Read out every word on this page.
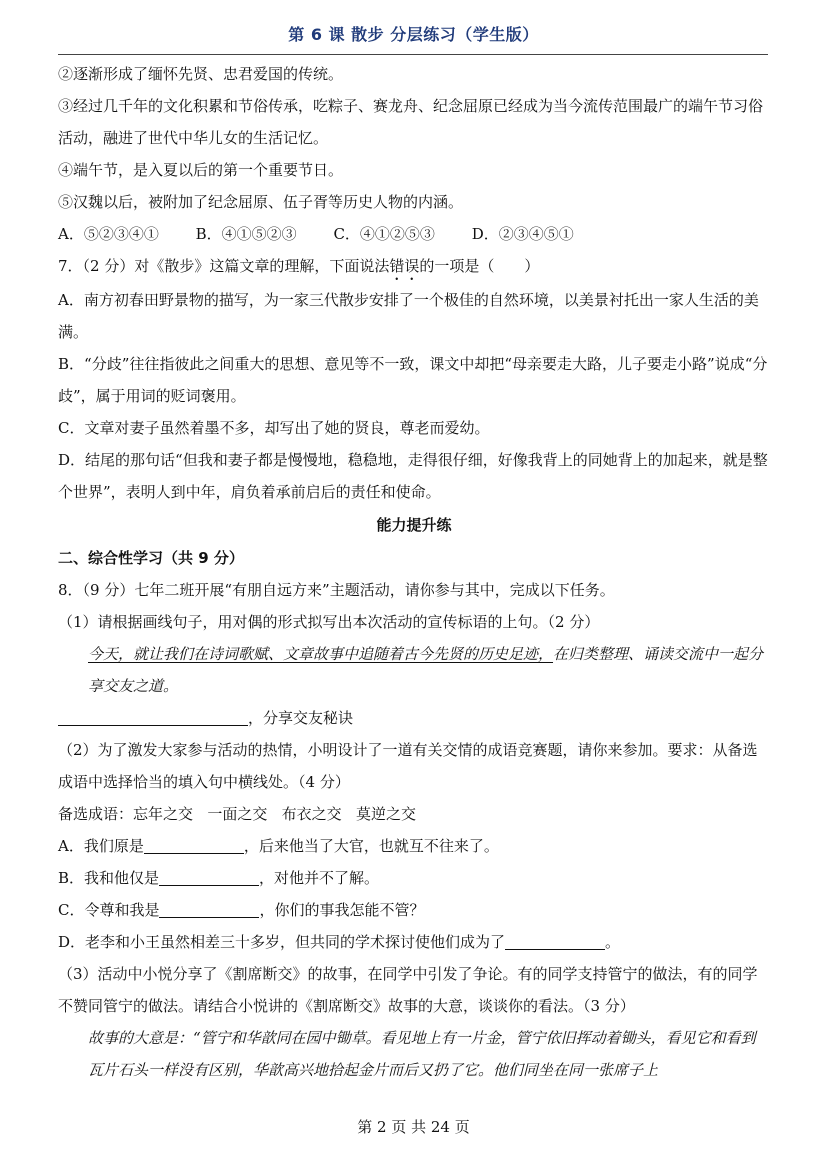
第 6 课 散步 分层练习（学生版）
②逐渐形成了缅怀先贤、忠君爱国的传统。

③经过几千年的文化积累和节俗传承，吃粽子、赛龙舟、纪念屈原已经成为当今流传范围最广的端午节习俗活动，融进了世代中华儿女的生活记忆。

④端午节，是入夏以后的第一个重要节日。
⑤汉魏以后，被附加了纪念屈原、伍子胥等历史人物的内涵。
A．⑤②③④① B．④①⑤②③ C．④①②⑤③ D．②③④⑤①
7．（2 分）对《散步》这篇文章的理解，下面说法错误的一项是（　　）

A．南方初春田野景物的描写，为一家三代散步安排了一个极佳的自然环境，以美景衬托出一家人生活的美满。

B．“分歧”往往指彼此之间重大的思想、意见等不一致，课文中却把“母亲要走大路，儿子要走小路”说成“分歧”，属于用词的贬词褒用。

C．文章对妻子虽然着墨不多，却写出了她的贤良，尊老而爱幼。

D．结尾的那句话“但我和妻子都是慢慢地，稳稳地，走得很仔细，好像我背上的同她背上的加起来，就是整个世界”，表明人到中年，肩负着承前启后的责任和使命。

能力提升练
二、综合性学习（共 9 分）
8．（9 分）七年二班开展“有朋自远方来”主题活动，请你参与其中，完成以下任务。
（1）请根据画线句子，用对偶的形式拟写出本次活动的宣传标语的上句。（2 分）

今天，就让我们在诗词歌赋、文章故事中追随着古今先贤的历史足迹，在归类整理、诵读交流中一起分享交友之道。

，分享交友秘诀

（2）为了激发大家参与活动的热情，小明设计了一道有关交情的成语竞赛题，请你来参加。要求：从备选成语中选择恰当的填入句中横线处。（4 分）

备选成语：忘年之交 一面之交 布衣之交 莫逆之交
A．我们原是	，后来他当了大官，也就互不往来了。
B．我和他仅是	，对他并不了解。
C．令尊和我是	，你们的事我怎能不管？
D．老李和小王虽然相差三十多岁，但共同的学术探讨使他们成为了	。

（3）活动中小悦分享了《割席断交》的故事，在同学中引发了争论。有的同学支持管宁的做法，有的同学不赞同管宁的做法。请结合小悦讲的《割席断交》故事的大意，谈谈你的看法。（3 分）

故事的大意是：“管宁和华歆同在园中锄草。看见地上有一片金，管宁依旧挥动着锄头，看见它和看到瓦片石头一样没有区别，华歆高兴地拾起金片而后又扔了它。他们同坐在同一张席子上

第 2 页 共 24 页
